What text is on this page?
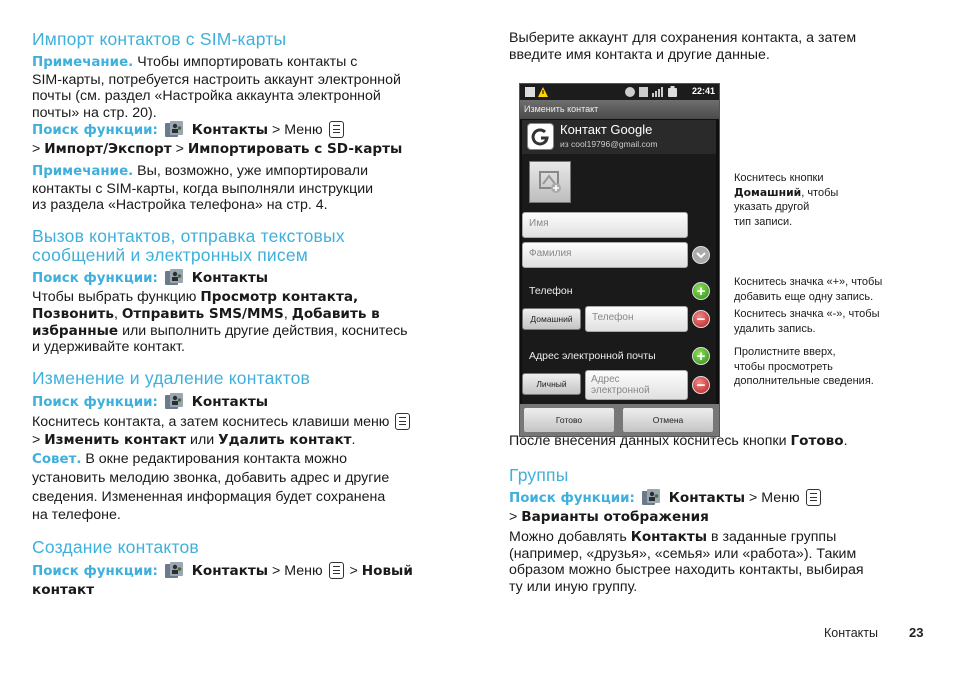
Импорт контактов с SIM-карты

Примечание. Чтобы импортировать контакты с
SIM-карты, потребуется настроить аккаунт электронной
почты (см. раздел «Настройка аккаунта электронной
почты» на стр. 20).

Поиск функции: Контакты > Меню

> Импорт/Экспорт > Импортировать с SD-карты

Примечание. Вы, возможно, уже импортировали
контакты с SIM-карты, когда выполняли инструкции
из раздела «Настройка телефона» на стр. 4.

Вызов контактов, отправка текстовых
сообщений и электронных писем

Поиск функции: Контакты

Чтобы выбрать функцию Просмотр контакта,
Позвонить, Отправить SMS/MMS, Добавить в
избранные или выполнить другие действия, коснитесь
и удерживайте контакт.

Изменение и удаление контактов

Поиск функции: Контакты

Коснитесь контакта, а затем коснитесь клавиши меню

> Изменить контакт или Удалить контакт.

Совет. В окне редактирования контакта можно
установить мелодию звонка, добавить адрес и другие
сведения. Измененная информация будет сохранена
на телефоне.

Создание контактов

Поиск функции: Контакты > Меню
> Новый
контакт

Выберите аккаунт для сохранения контакта, а затем
введите имя контакта и другие данные.

22:41
Изменить контакт
Контакт Google
из cool19796@gmail.com
Имя
Фамилия
Телефон	+
Домашний	Телефон	−
Адрес электронной почты	+
Личный	Адрес
электронной	−
Готово	Отмена
Коснитесь кнопки
Домашний, чтобы
указать другой
тип записи.
Коснитесь значка «+», чтобы
добавить еще одну запись.
Коснитесь значка «-», чтобы
удалить запись.
Пролистните вверх,
чтобы просмотреть
дополнительные сведения.

После внесения данных коснитесь кнопки Готово.

Группы

Поиск функции: Контакты > Меню

> Варианты отображения

Можно добавлять Контакты в заданные группы
(например, «друзья», «семья» или «работа»). Таким
образом можно быстрее находить контакты, выбирая
ту или иную группу.

Контакты 23
